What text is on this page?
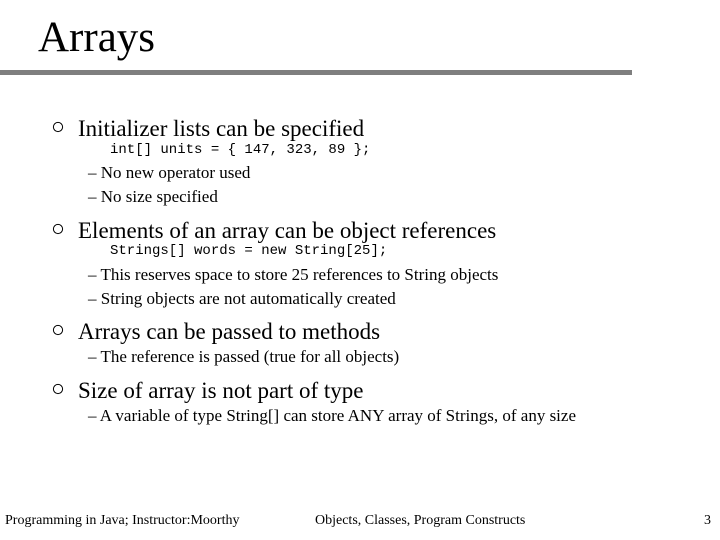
Arrays
Initializer lists can be specified
int[] units = { 147, 323, 89 };
– No new operator used
– No size specified
Elements of an array can be object references
Strings[] words = new String[25];
– This reserves space to store 25 references to String objects
– String objects are not automatically created
Arrays can be passed to methods
– The reference is passed (true for all objects)
Size of array is not part of type
– A variable of type String[] can store ANY array of Strings, of any size
Programming in Java; Instructor:Moorthy	Objects, Classes, Program Constructs	3
